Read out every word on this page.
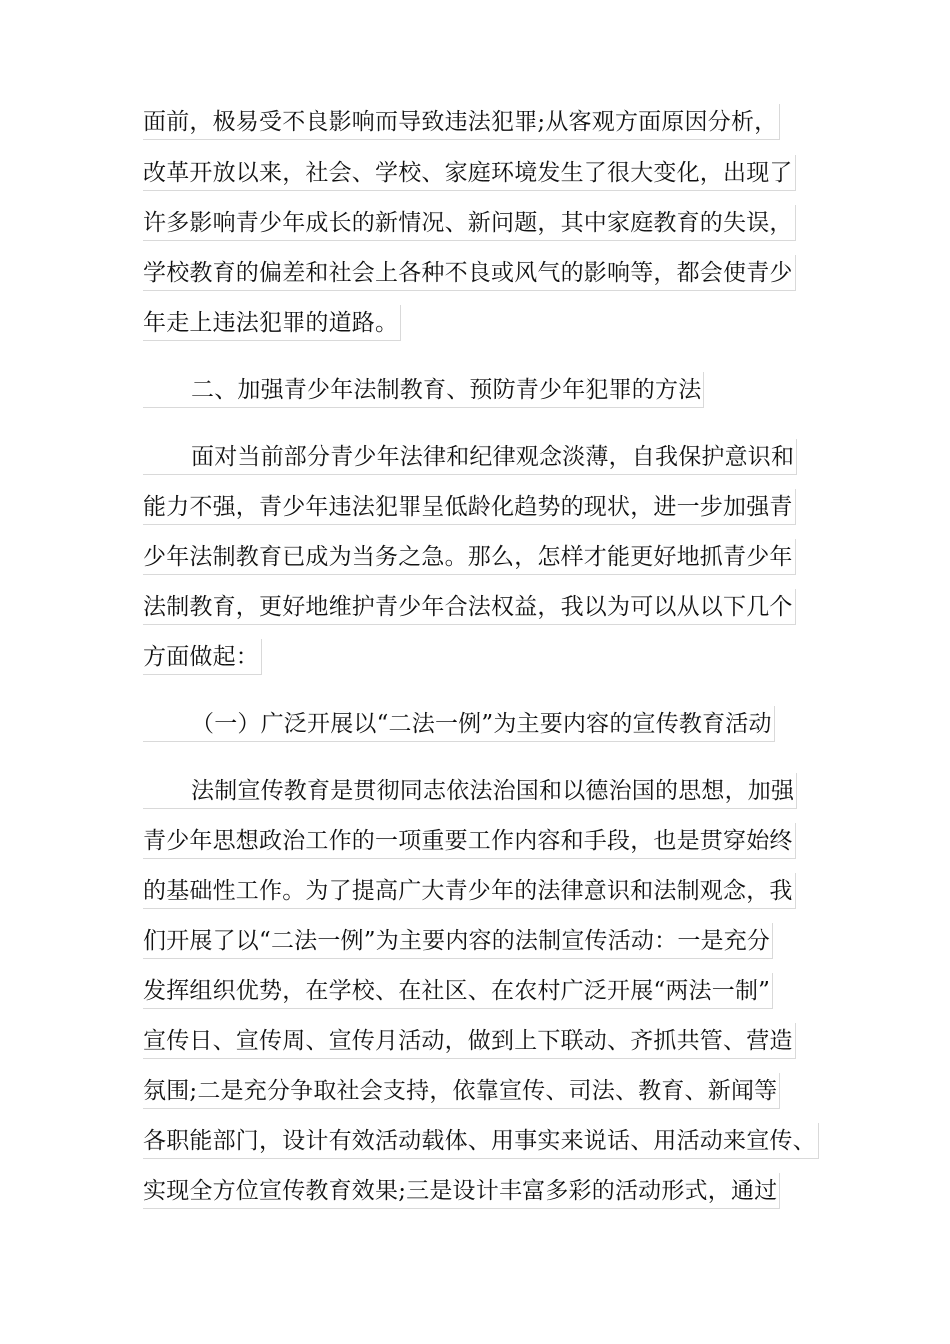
面前，极易受不良影响而导致违法犯罪;从客观方面原因分析，
改革开放以来，社会、学校、家庭环境发生了很大变化，出现了
许多影响青少年成长的新情况、新问题，其中家庭教育的失误，
学校教育的偏差和社会上各种不良或风气的影响等，都会使青少
年走上违法犯罪的道路。
二、加强青少年法制教育、预防青少年犯罪的方法
面对当前部分青少年法律和纪律观念淡薄，自我保护意识和
能力不强，青少年违法犯罪呈低龄化趋势的现状，进一步加强青
少年法制教育已成为当务之急。那么，怎样才能更好地抓青少年
法制教育，更好地维护青少年合法权益，我以为可以从以下几个
方面做起：
（一）广泛开展以“二法一例”为主要内容的宣传教育活动
法制宣传教育是贯彻同志依法治国和以德治国的思想，加强
青少年思想政治工作的一项重要工作内容和手段，也是贯穿始终
的基础性工作。为了提高广大青少年的法律意识和法制观念，我
们开展了以“二法一例”为主要内容的法制宣传活动：一是充分
发挥组织优势，在学校、在社区、在农村广泛开展“两法一制”
宣传日、宣传周、宣传月活动，做到上下联动、齐抓共管、营造
氛围;二是充分争取社会支持，依靠宣传、司法、教育、新闻等
各职能部门，设计有效活动载体、用事实来说话、用活动来宣传、
实现全方位宣传教育效果;三是设计丰富多彩的活动形式，通过
